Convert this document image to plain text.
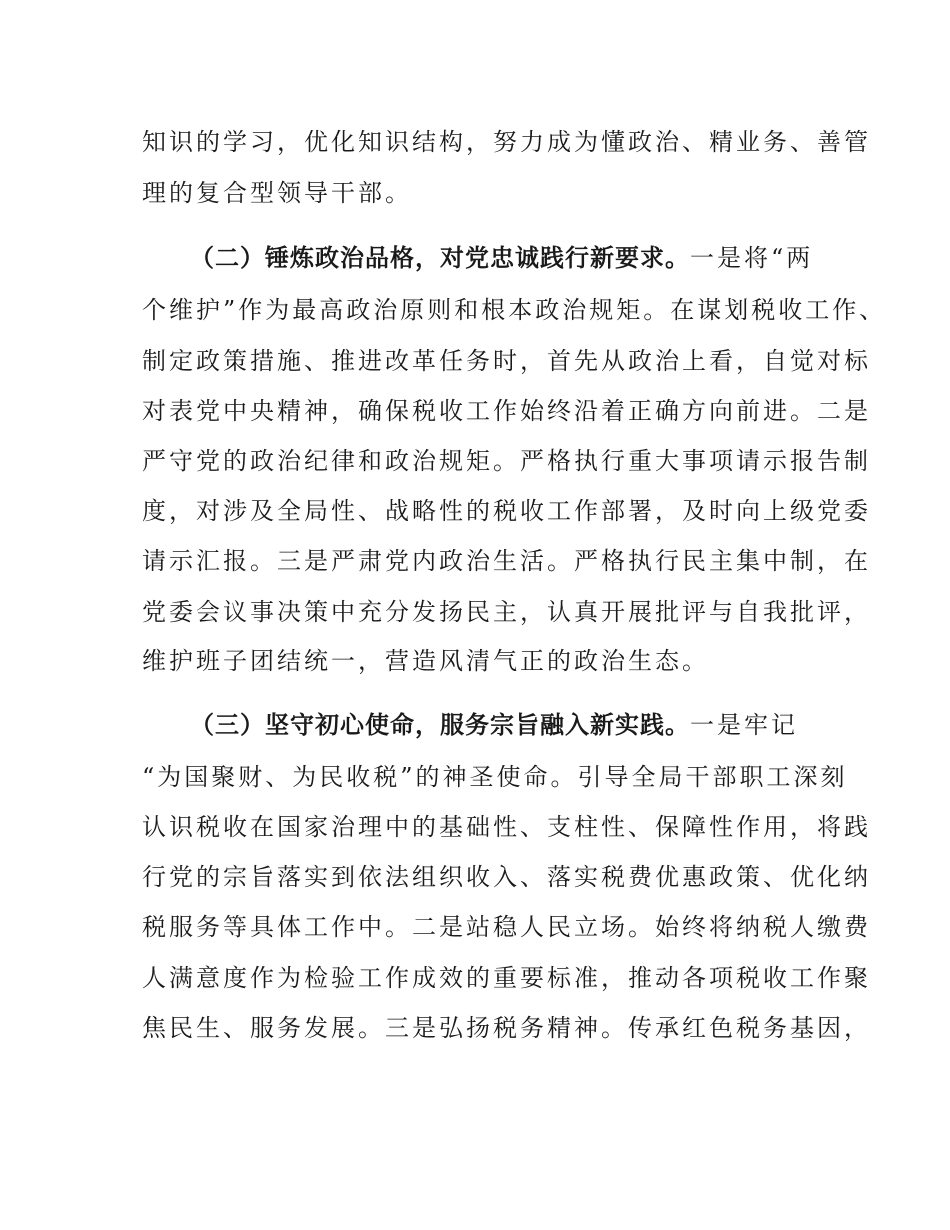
知识的学习，优化知识结构，努力成为懂政治、精业务、善管
理的复合型领导干部。
（二）锤炼政治品格，对党忠诚践行新要求。一是将“两
个维护”作为最高政治原则和根本政治规矩。在谋划税收工作、
制定政策措施、推进改革任务时，首先从政治上看，自觉对标
对表党中央精神，确保税收工作始终沿着正确方向前进。二是
严守党的政治纪律和政治规矩。严格执行重大事项请示报告制
度，对涉及全局性、战略性的税收工作部署，及时向上级党委
请示汇报。三是严肃党内政治生活。严格执行民主集中制，在
党委会议事决策中充分发扬民主，认真开展批评与自我批评，
维护班子团结统一，营造风清气正的政治生态。
（三）坚守初心使命，服务宗旨融入新实践。一是牢记
“为国聚财、为民收税”的神圣使命。引导全局干部职工深刻
认识税收在国家治理中的基础性、支柱性、保障性作用，将践
行党的宗旨落实到依法组织收入、落实税费优惠政策、优化纳
税服务等具体工作中。二是站稳人民立场。始终将纳税人缴费
人满意度作为检验工作成效的重要标准，推动各项税收工作聚
焦民生、服务发展。三是弘扬税务精神。传承红色税务基因，
